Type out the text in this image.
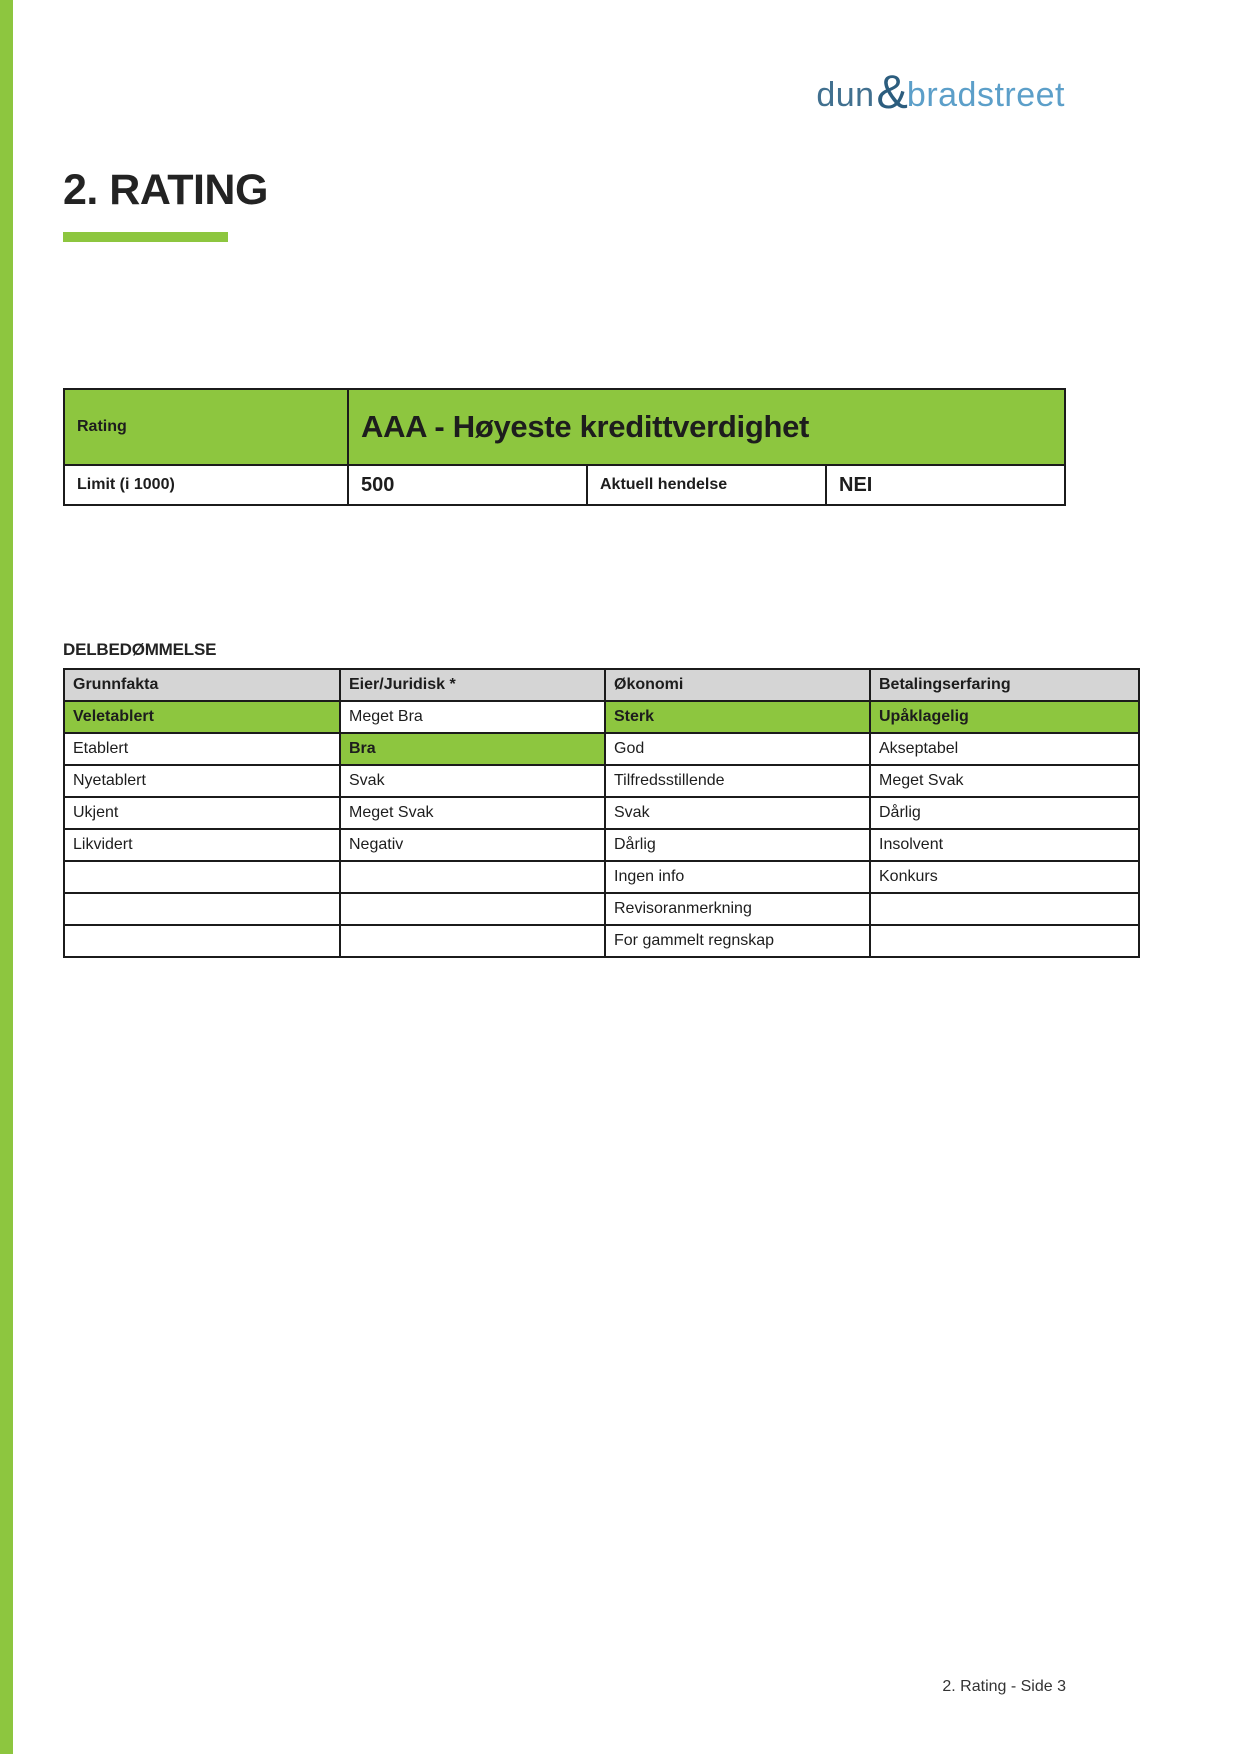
dun & bradstreet
2. RATING
Rating	AAA - Høyeste kredittverdighet		
Limit (i 1000)	500	Aktuell hendelse	NEI
DELBEDØMMELSE
Grunnfakta	Eier/Juridisk *	Økonomi	Betalingserfaring
Veletablert	Meget Bra	Sterk	Upåklagelig
Etablert	Bra	God	Akseptabel
Nyetablert	Svak	Tilfredsstillende	Meget Svak
Ukjent	Meget Svak	Svak	Dårlig
Likvidert	Negativ	Dårlig	Insolvent
		Ingen info	Konkurs
		Revisoranmerkning	
		For gammelt regnskap	
2. Rating - Side 3
